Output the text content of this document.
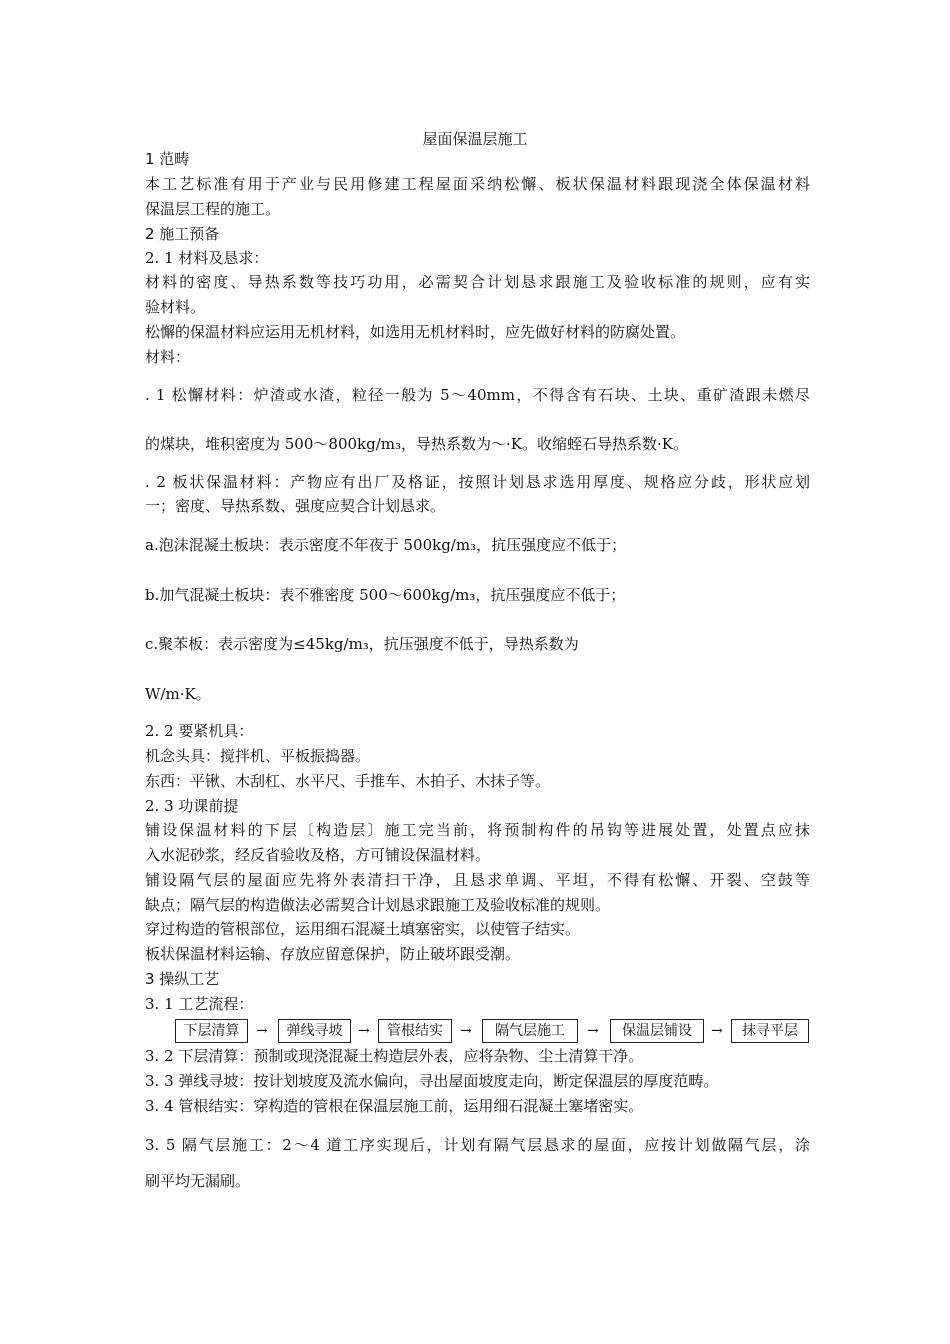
屋面保温层施工
1 范畴
本工艺标准有用于产业与民用修建工程屋面采纳松懈、板状保温材料跟现浇全体保温材料
保温层工程的施工。
2 施工预备
2. 1 材料及恳求：
材料的密度、导热系数等技巧功用，必需契合计划恳求跟施工及验收标准的规则，应有实
验材料。
松懈的保温材料应运用无机材料，如选用无机材料时，应先做好材料的防腐处置。
材料：
. 1 松懈材料：炉渣或水渣，粒径一般为 5～40mm，不得含有石块、土块、重矿渣跟未燃尽
的煤块，堆积密度为 500～800kg/m₃，导热系数为～·K。收缩蛭石导热系数·K。
. 2 板状保温材料：产物应有出厂及格证，按照计划恳求选用厚度、规格应分歧，形状应划
一；密度、导热系数、强度应契合计划恳求。
a.泡沫混凝土板块：表示密度不年夜于 500kg/m₃，抗压强度应不低于；
b.加气混凝土板块：表不雅密度 500～600kg/m₃，抗压强度应不低于；
c.聚苯板：表示密度为≤45kg/m₃，抗压强度不低于，导热系数为
W/m·K。
2. 2 要紧机具：
机念头具：搅拌机、平板振捣器。
东西：平锹、木刮杠、水平尺、手推车、木拍子、木抹子等。
2. 3 功课前提
铺设保温材料的下层〔构造层〕施工完当前，将预制构件的吊钩等进展处置，处置点应抹
入水泥砂浆，经反省验收及格，方可铺设保温材料。
铺设隔气层的屋面应先将外表清扫干净，且恳求单调、平坦，不得有松懈、开裂、空鼓等
缺点；隔气层的构造做法必需契合计划恳求跟施工及验收标准的规则。
穿过构造的管根部位，运用细石混凝土填塞密实，以使管子结实。
板状保温材料运输、存放应留意保护，防止破坏跟受潮。
3 操纵工艺
3. 1 工艺流程：
下层清算	→	弹线寻坡	→	管根结实	→	隔气层施工	→	保温层铺设	→	抹寻平层
3. 2 下层清算：预制或现浇混凝土构造层外表，应将杂物、尘土清算干净。
3. 3 弹线寻坡：按计划坡度及流水偏向，寻出屋面坡度走向，断定保温层的厚度范畴。
3. 4 管根结实：穿构造的管根在保温层施工前，运用细石混凝土塞堵密实。
3. 5 隔气层施工：2～4 道工序实现后，计划有隔气层恳求的屋面，应按计划做隔气层，涂
刷平均无漏刷。
